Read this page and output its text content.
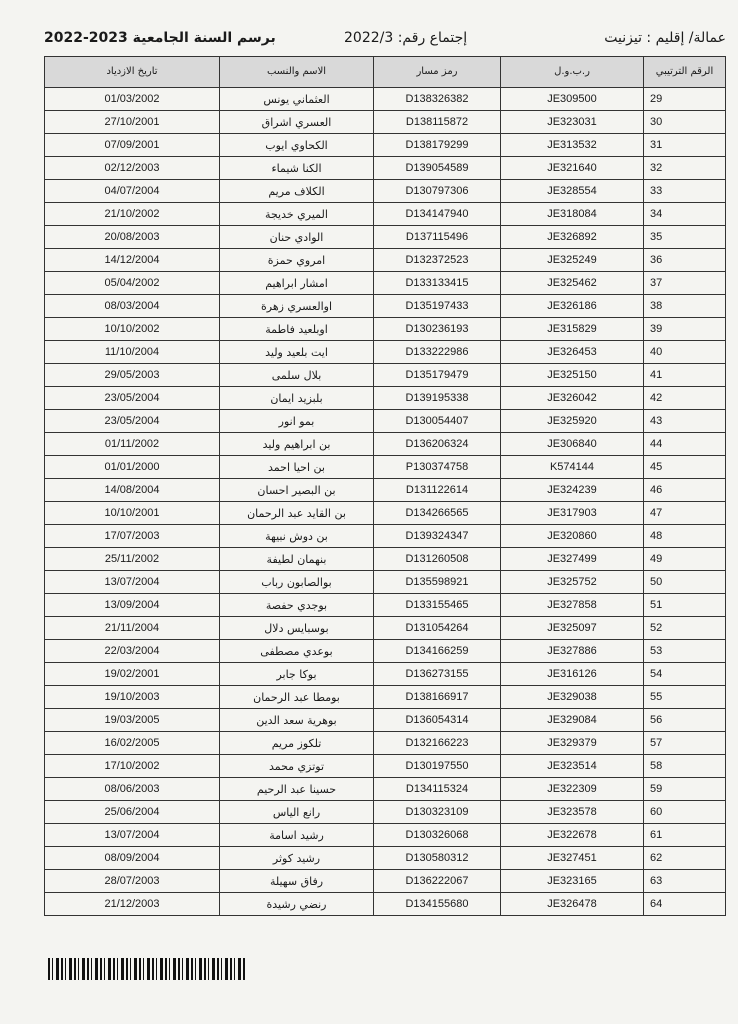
برسم السنة الجامعية 2023-2022	إجتماع رقم: 2022/3	عمالة/ إقليم : تيزنيت
الرقم الترتيبي	ر.ب.و.ل	رمز مسار	الاسم والنسب	تاريخ الازدياد
29	JE309500	D138326382	العثماني يونس	01/03/2002
30	JE323031	D138115872	العسري اشراق	27/10/2001
31	JE313532	D138179299	الكحاوي ايوب	07/09/2001
32	JE321640	D139054589	الكنا شيماء	02/12/2003
33	JE328554	D130797306	الكلاف مريم	04/07/2004
34	JE318084	D134147940	الميري خديجة	21/10/2002
35	JE326892	D137115496	الوادي حنان	20/08/2003
36	JE325249	D132372523	امروي حمزة	14/12/2004
37	JE325462	D133133415	امشار ابراهيم	05/04/2002
38	JE326186	D135197433	اوالعسري زهرة	08/03/2004
39	JE315829	D130236193	اوبلعيد فاطمة	10/10/2002
40	JE326453	D133222986	ايت بلعيد وليد	11/10/2004
41	JE325150	D135179479	بلال سلمى	29/05/2003
42	JE326042	D139195338	بلبزيد ايمان	23/05/2004
43	JE325920	D130054407	بمو انور	23/05/2004
44	JE306840	D136206324	بن ابراهيم وليد	01/11/2002
45	K574144	P130374758	بن احيا احمد	01/01/2000
46	JE324239	D131122614	بن البصير احسان	14/08/2004
47	JE317903	D134266565	بن القايد عبد الرحمان	10/10/2001
48	JE320860	D139324347	بن دوش نبيهة	17/07/2003
49	JE327499	D131260508	بنهمان لطيفة	25/11/2002
50	JE325752	D135598921	بوالصابون رباب	13/07/2004
51	JE327858	D133155465	بوجدي حفصة	13/09/2004
52	JE325097	D131054264	بوسبايس دلال	21/11/2004
53	JE327886	D134166259	بوعدي مصطفى	22/03/2004
54	JE316126	D136273155	بوكا جابر	19/02/2001
55	JE329038	D138166917	بومطا عبد الرحمان	19/10/2003
56	JE329084	D136054314	بوهرية سعد الدين	19/03/2005
57	JE329379	D132166223	تلكوز مريم	16/02/2005
58	JE323514	D130197550	توتزي محمد	17/10/2002
59	JE322309	D134115324	حسينا عبد الرحيم	08/06/2003
60	JE323578	D130323109	رانع الياس	25/06/2004
61	JE322678	D130326068	رشيد اسامة	13/07/2004
62	JE327451	D130580312	رشيد كوثر	08/09/2004
63	JE323165	D136222067	رفاق سهيلة	28/07/2003
64	JE326478	D134155680	رنضي رشيدة	21/12/2003
